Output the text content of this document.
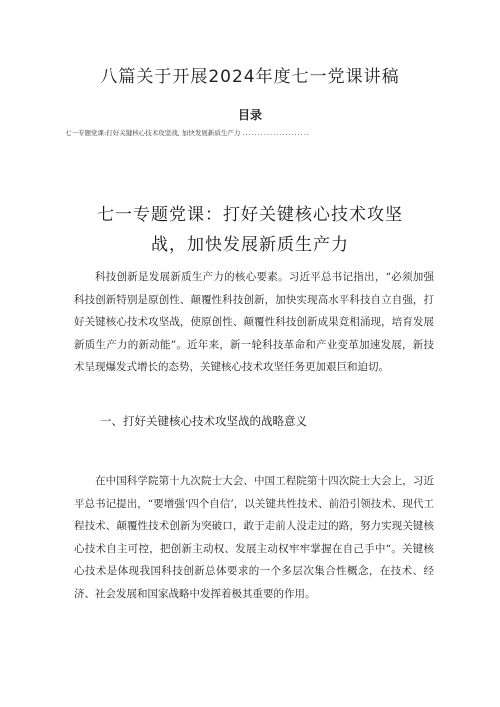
八篇关于开展2024年度七一党课讲稿
目录
七一专题党课:打好关键核心技术攻坚战, 加快发展新质生产力 ......................
七一专题党课：打好关键核心技术攻坚
战，加快发展新质生产力

科技创新是发展新质生产力的核心要素。习近平总书记指出，“必须加强科技创新特别是原创性、颠覆性科技创新，加快实现高水平科技自立自强，打好关键核心技术攻坚战，使原创性、颠覆性科技创新成果竞相涌现，培育发展新质生产力的新动能”。近年来，新一轮科技革命和产业变革加速发展，新技术呈现爆发式增长的态势，关键核心技术攻坚任务更加艰巨和迫切。

一、打好关键核心技术攻坚战的战略意义

在中国科学院第十九次院士大会、中国工程院第十四次院士大会上，习近平总书记提出，“要增强‘四个自信’，以关键共性技术、前沿引领技术、现代工程技术、颠覆性技术创新为突破口，敢于走前人没走过的路，努力实现关键核心技术自主可控，把创新主动权、发展主动权牢牢掌握在自己手中“。关键核心技术是体现我国科技创新总体要求的一个多层次集合性概念，在技术、经济、社会发展和国家战略中发挥着极其重要的作用。
